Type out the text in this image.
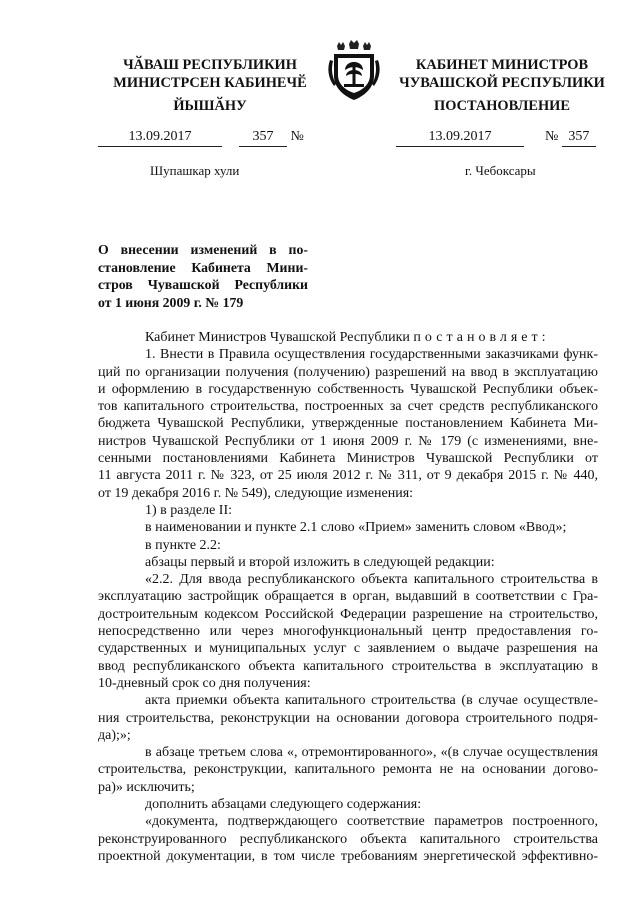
ЧӐВАШ РЕСПУБЛИКИН
МИНИСТРСЕН КАБИНЕЧӖ
ЙЫШӐНУ
КАБИНЕТ МИНИСТРОВ
ЧУВАШСКОЙ РЕСПУБЛИКИ
ПОСТАНОВЛЕНИЕ
13.09.2017	357 №	13.09.2017	№ 357
Шупашкар хули	г. Чебоксары
О внесении изменений в по-
становление Кабинета Мини-
стров Чувашской Республики
от 1 июня 2009 г. № 179
Кабинет Министров Чувашской Республики постановляет:
1. Внести в Правила осуществления государственными заказчиками функ-
ций по организации получения (получению) разрешений на ввод в эксплуатацию
и оформлению в государственную собственность Чувашской Республики объек-
тов капитального строительства, построенных за счет средств республиканского
бюджета Чувашской Республики, утвержденные постановлением Кабинета Ми-
нистров Чувашской Республики от 1 июня 2009 г. № 179 (с изменениями, вне-
сенными постановлениями Кабинета Министров Чувашской Республики от
11 августа 2011 г. № 323, от 25 июля 2012 г. № 311, от 9 декабря 2015 г. № 440,
от 19 декабря 2016 г. № 549), следующие изменения:
1) в разделе II:
в наименовании и пункте 2.1 слово «Прием» заменить словом «Ввод»;
в пункте 2.2:
абзацы первый и второй изложить в следующей редакции:
«2.2. Для ввода республиканского объекта капитального строительства в
эксплуатацию застройщик обращается в орган, выдавший в соответствии с Гра-
достроительным кодексом Российской Федерации разрешение на строительство,
непосредственно или через многофункциональный центр предоставления го-
сударственных и муниципальных услуг с заявлением о выдаче разрешения на
ввод республиканского объекта капитального строительства в эксплуатацию в
10-дневный срок со дня получения:
акта приемки объекта капитального строительства (в случае осуществле-
ния строительства, реконструкции на основании договора строительного подря-
да);»;
в абзаце третьем слова «, отремонтированного», «(в случае осуществления
строительства, реконструкции, капитального ремонта не на основании догово-
ра)» исключить;
дополнить абзацами следующего содержания:
«документа, подтверждающего соответствие параметров построенного,
реконструированного республиканского объекта капитального строительства
проектной документации, в том числе требованиям энергетической эффективно-
